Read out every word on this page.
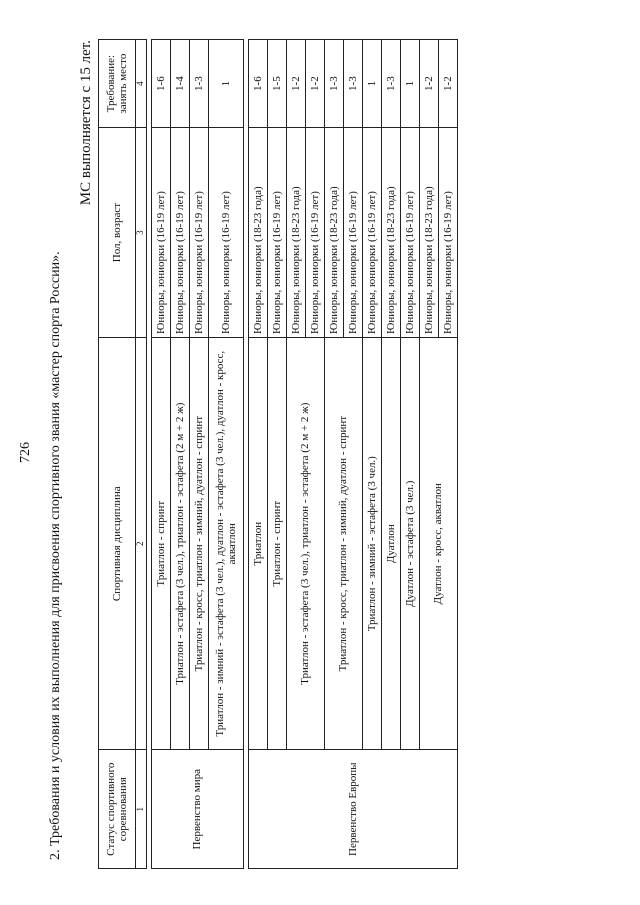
726 2. Требования и условия их выполнения для присвоения спортивного звания «мастер спорта России».
МС выполняется с 15 лет.
Статус спортивного соревнования	Спортивная дисциплина	Пол, возраст	Требование: занять место
1	2	3	4

Первенство мира	Триатлон - спринт	Юниоры, юниорки (16-19 лет)	1-6
	Триатлон - эстафета (3 чел.), триатлон - эстафета (2 м + 2 ж)	Юниоры, юниорки (16-19 лет)	1-4
	Триатлон - кросс, триатлон - зимний, дуатлон - спринт	Юниоры, юниорки (16-19 лет)	1-3
	Триатлон - зимний - эстафета (3 чел.), дуатлон - эстафета (3 чел.), дуатлон - кросс, акватлон	Юниоры, юниорки (16-19 лет)	1

Первенство Европы	Триатлон	Юниоры, юниорки (18-23 года)	1-6
	Триатлон - спринт	Юниоры, юниорки (16-19 лет)	1-5
	Триатлон - эстафета (3 чел.), триатлон - эстафета (2 м + 2 ж)	Юниоры, юниорки (18-23 года)	1-2
		Юниоры, юниорки (16-19 лет)	1-2
	Триатлон - кросс, триатлон - зимний, дуатлон - спринт	Юниоры, юниорки (18-23 года)	1-3
		Юниоры, юниорки (16-19 лет)	1-3
	Триатлон - зимний - эстафета (3 чел.)	Юниоры, юниорки (16-19 лет)	1
	Дуатлон	Юниоры, юниорки (18-23 года)	1-3
	Дуатлон - эстафета (3 чел.)	Юниоры, юниорки (16-19 лет)	1
	Дуатлон - кросс, акватлон	Юниоры, юниорки (18-23 года)	1-2
		Юниоры, юниорки (16-19 лет)	1-2
